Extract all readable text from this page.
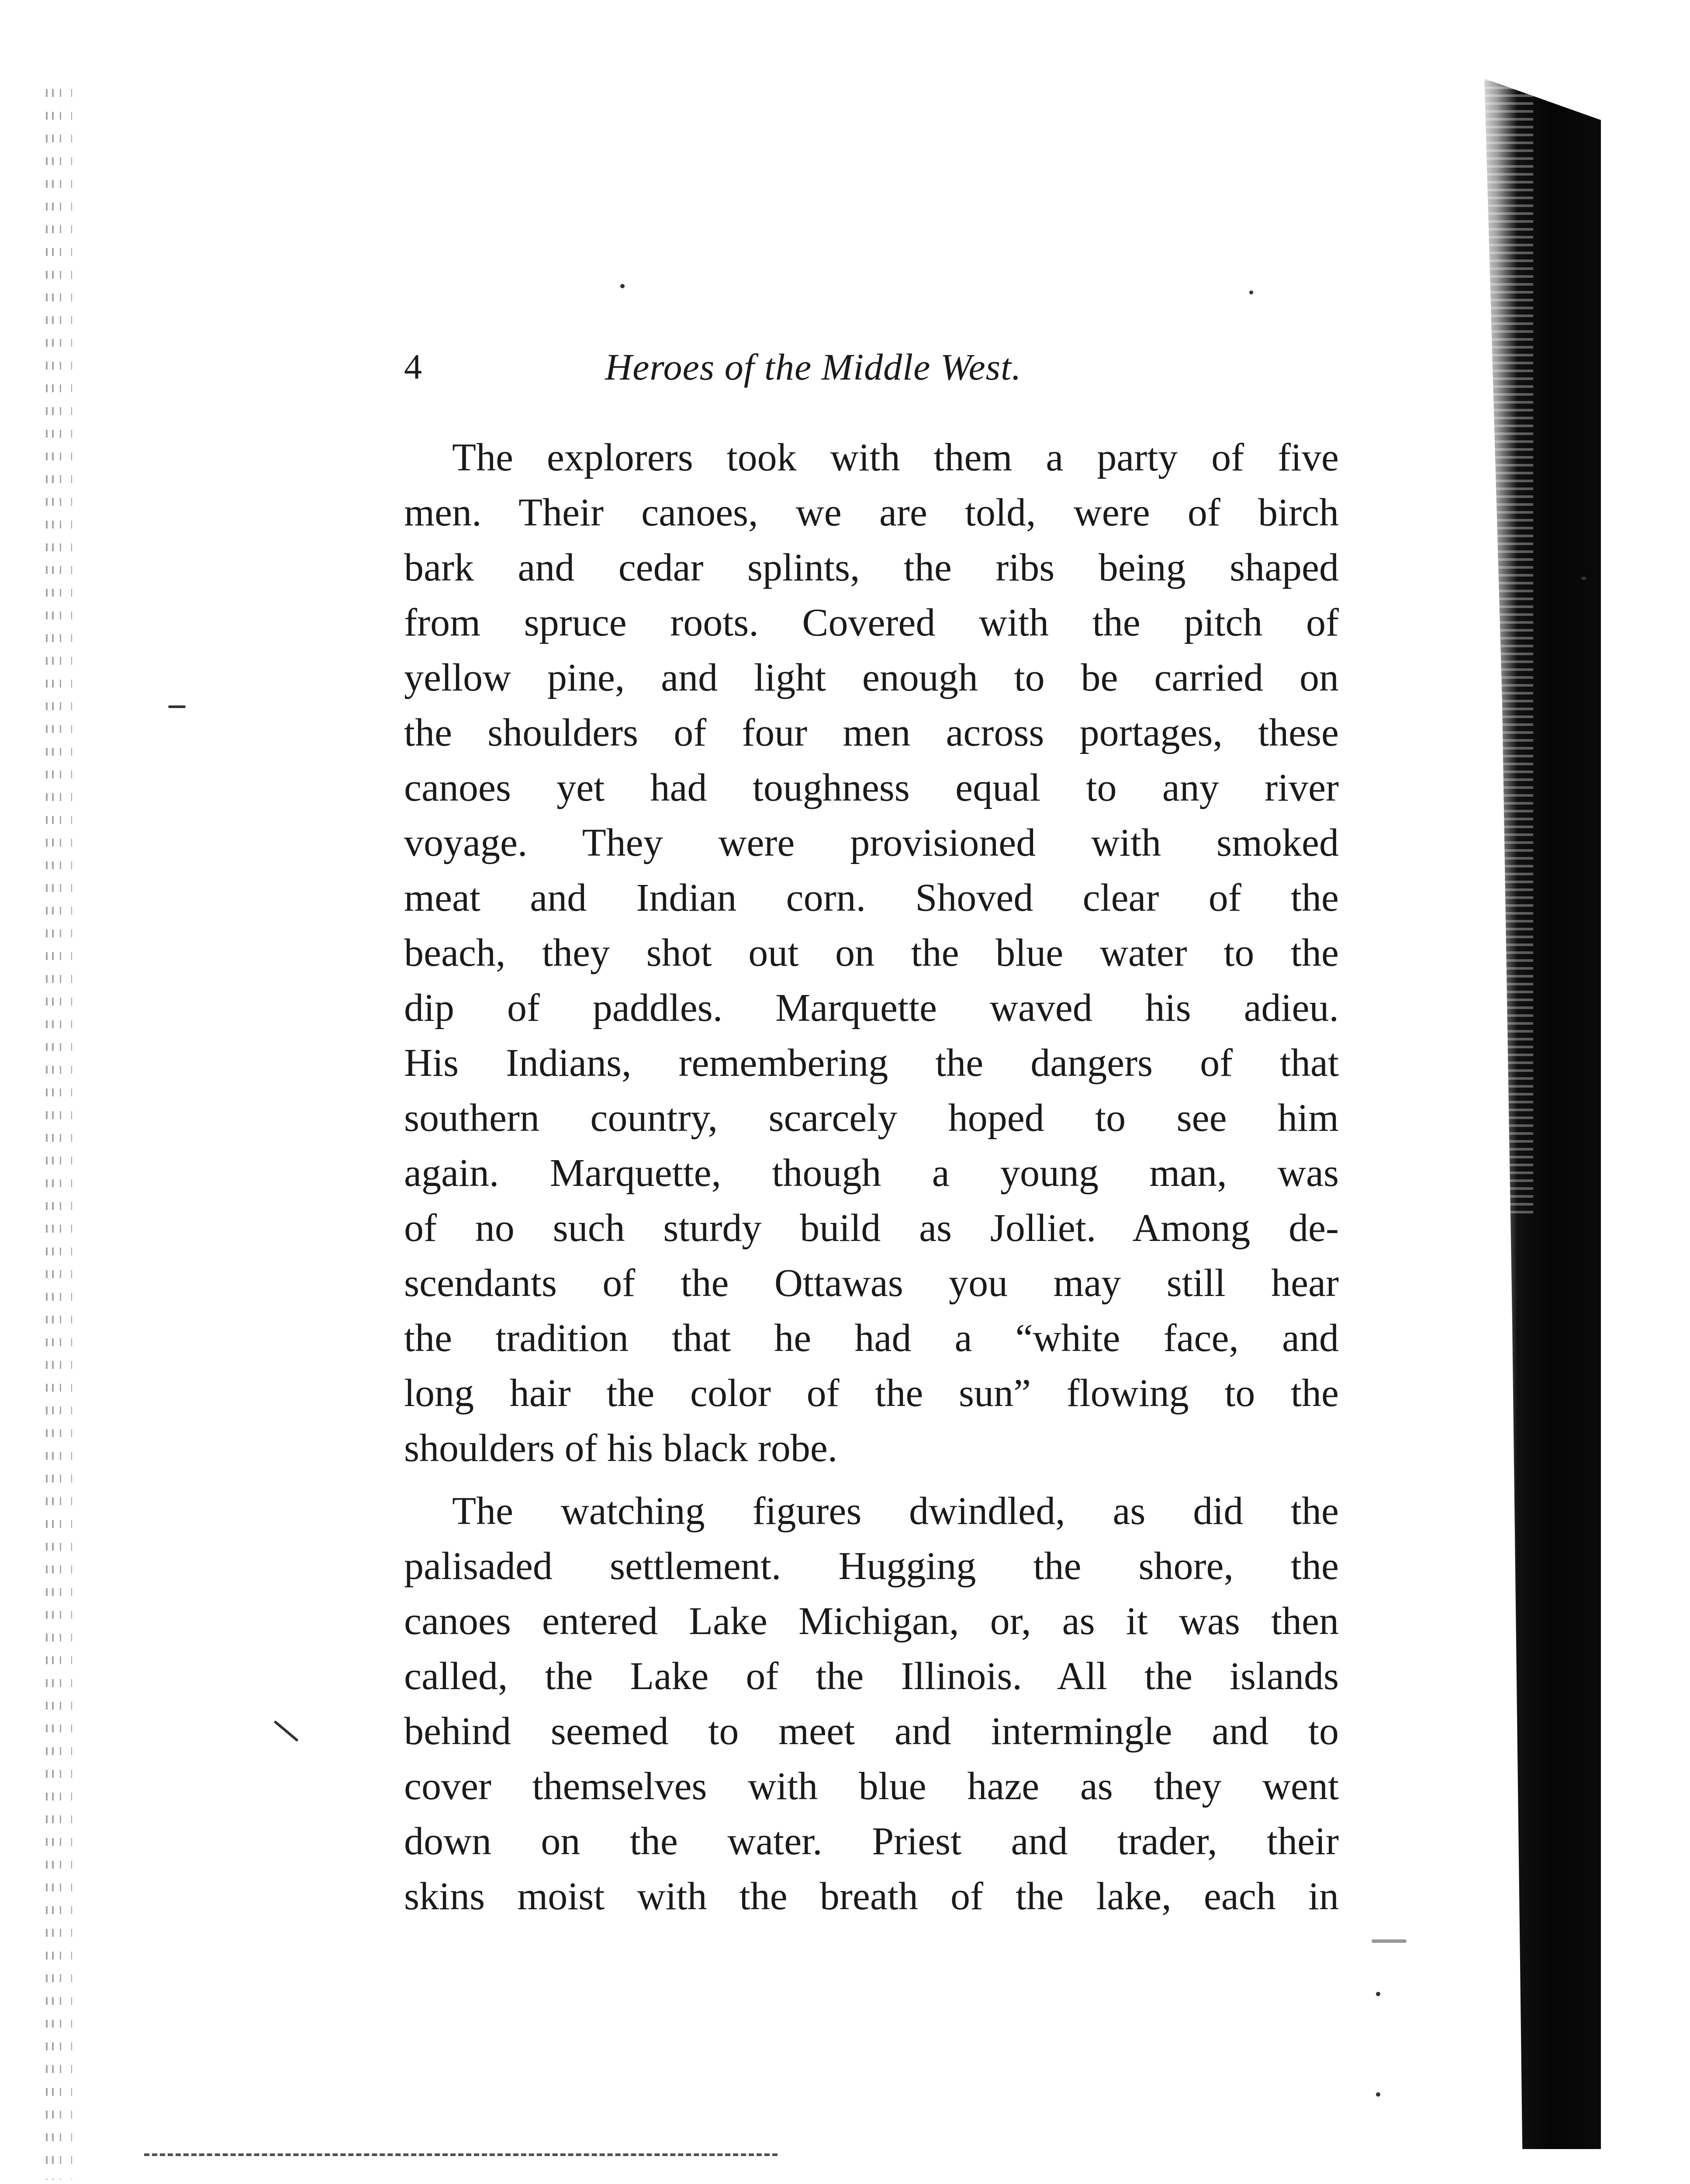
4	Heroes of the Middle West.
The explorers took with them a party of five
men. Their canoes, we are told, were of birch
bark and cedar splints, the ribs being shaped
from spruce roots. Covered with the pitch of
yellow pine, and light enough to be carried on
the shoulders of four men across portages, these
canoes yet had toughness equal to any river
voyage. They were provisioned with smoked
meat and Indian corn. Shoved clear of the
beach, they shot out on the blue water to the
dip of paddles. Marquette waved his adieu.
His Indians, remembering the dangers of that
southern country, scarcely hoped to see him
again. Marquette, though a young man, was
of no such sturdy build as Jolliet. Among de-
scendants of the Ottawas you may still hear
the tradition that he had a “white face, and
long hair the color of the sun” flowing to the
shoulders of his black robe.
The watching figures dwindled, as did the
palisaded settlement. Hugging the shore, the
canoes entered Lake Michigan, or, as it was then
called, the Lake of the Illinois. All the islands
behind seemed to meet and intermingle and to
cover themselves with blue haze as they went
down on the water. Priest and trader, their
skins moist with the breath of the lake, each in
